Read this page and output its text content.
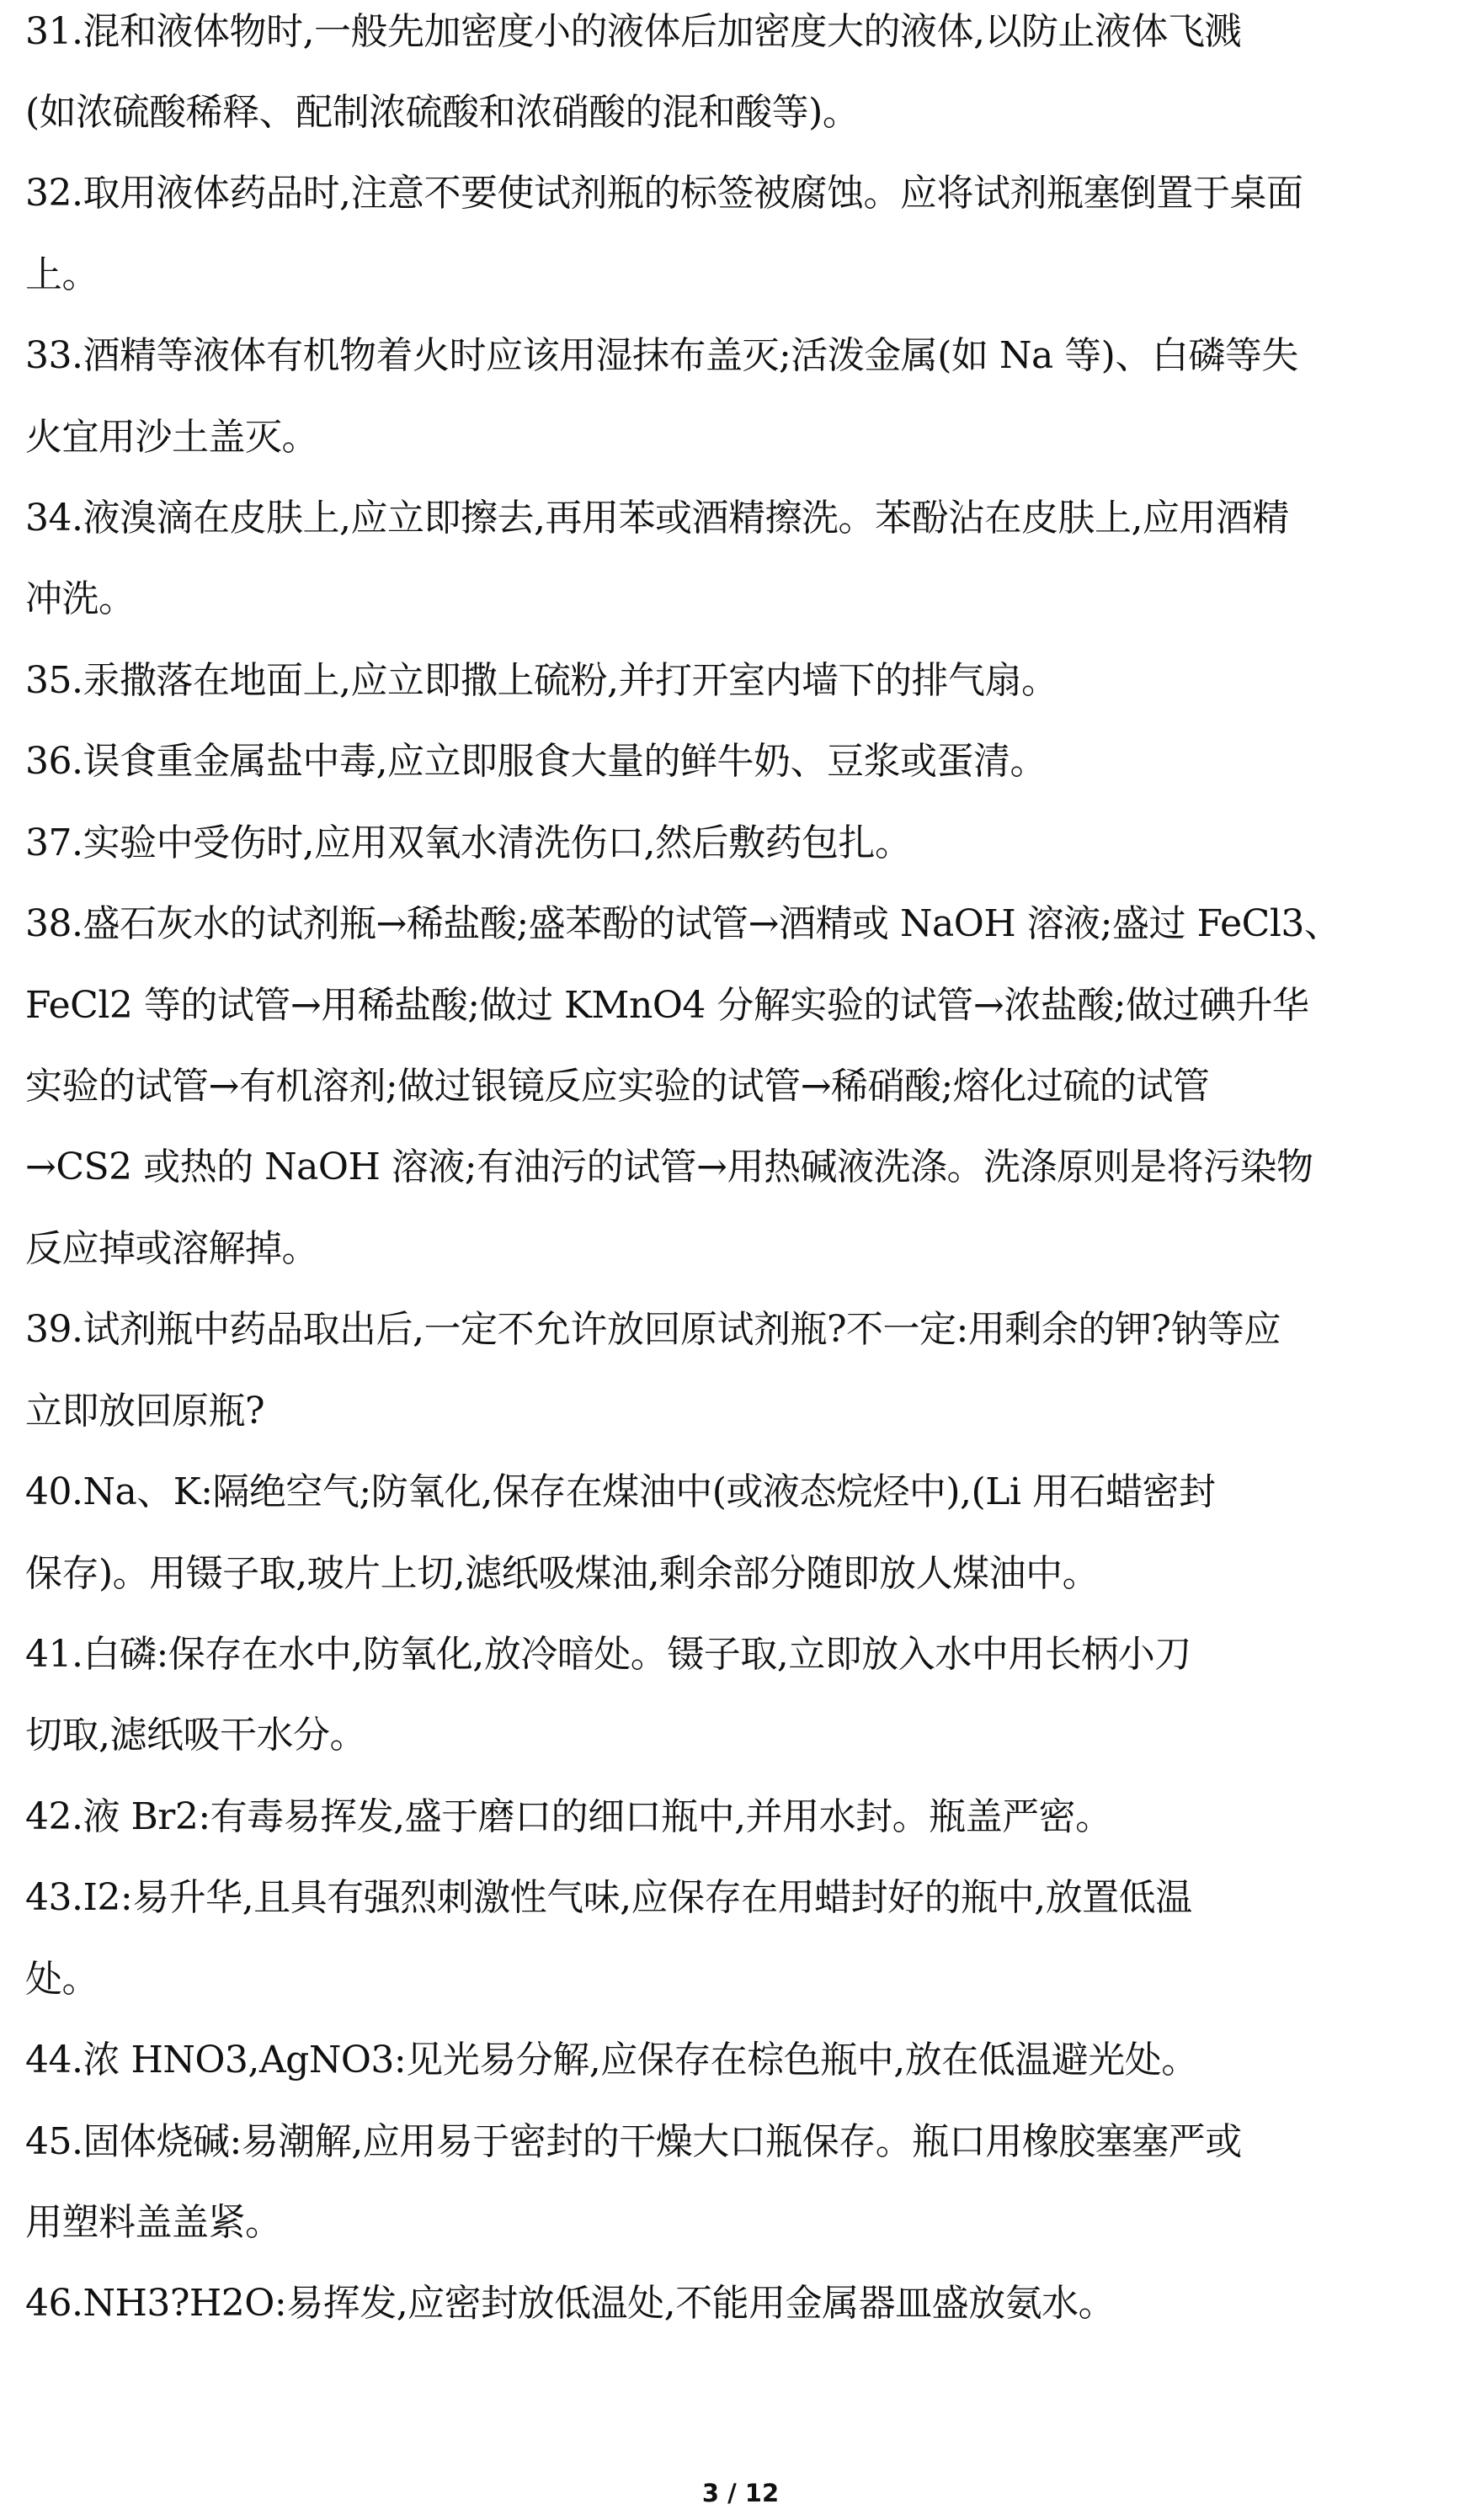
31.混和液体物时,一般先加密度小的液体后加密度大的液体,以防止液体飞溅
(如浓硫酸稀释、配制浓硫酸和浓硝酸的混和酸等)。
32.取用液体药品时,注意不要使试剂瓶的标签被腐蚀。应将试剂瓶塞倒置于桌面
上。
33.酒精等液体有机物着火时应该用湿抹布盖灭;活泼金属(如 Na 等)、白磷等失
火宜用沙土盖灭。
34.液溴滴在皮肤上,应立即擦去,再用苯或酒精擦洗。苯酚沾在皮肤上,应用酒精
冲洗。
35.汞撒落在地面上,应立即撒上硫粉,并打开室内墙下的排气扇。
36.误食重金属盐中毒,应立即服食大量的鲜牛奶、豆浆或蛋清。
37.实验中受伤时,应用双氧水清洗伤口,然后敷药包扎。
38.盛石灰水的试剂瓶→稀盐酸;盛苯酚的试管→酒精或 NaOH 溶液;盛过 FeCl3、
FeCl2 等的试管→用稀盐酸;做过 KMnO4 分解实验的试管→浓盐酸;做过碘升华
实验的试管→有机溶剂;做过银镜反应实验的试管→稀硝酸;熔化过硫的试管
→CS2 或热的 NaOH 溶液;有油污的试管→用热碱液洗涤。洗涤原则是将污染物
反应掉或溶解掉。
39.试剂瓶中药品取出后,一定不允许放回原试剂瓶?不一定:用剩余的钾?钠等应
立即放回原瓶?
40.Na、K:隔绝空气;防氧化,保存在煤油中(或液态烷烃中),(Li 用石蜡密封
保存)。用镊子取,玻片上切,滤纸吸煤油,剩余部分随即放人煤油中。
41.白磷:保存在水中,防氧化,放冷暗处。镊子取,立即放入水中用长柄小刀
切取,滤纸吸干水分。
42.液 Br2:有毒易挥发,盛于磨口的细口瓶中,并用水封。瓶盖严密。
43.I2:易升华,且具有强烈刺激性气味,应保存在用蜡封好的瓶中,放置低温
处。
44.浓 HNO3,AgNO3:见光易分解,应保存在棕色瓶中,放在低温避光处。
45.固体烧碱:易潮解,应用易于密封的干燥大口瓶保存。瓶口用橡胶塞塞严或
用塑料盖盖紧。
46.NH3?H2O:易挥发,应密封放低温处,不能用金属器皿盛放氨水。
3 / 12
